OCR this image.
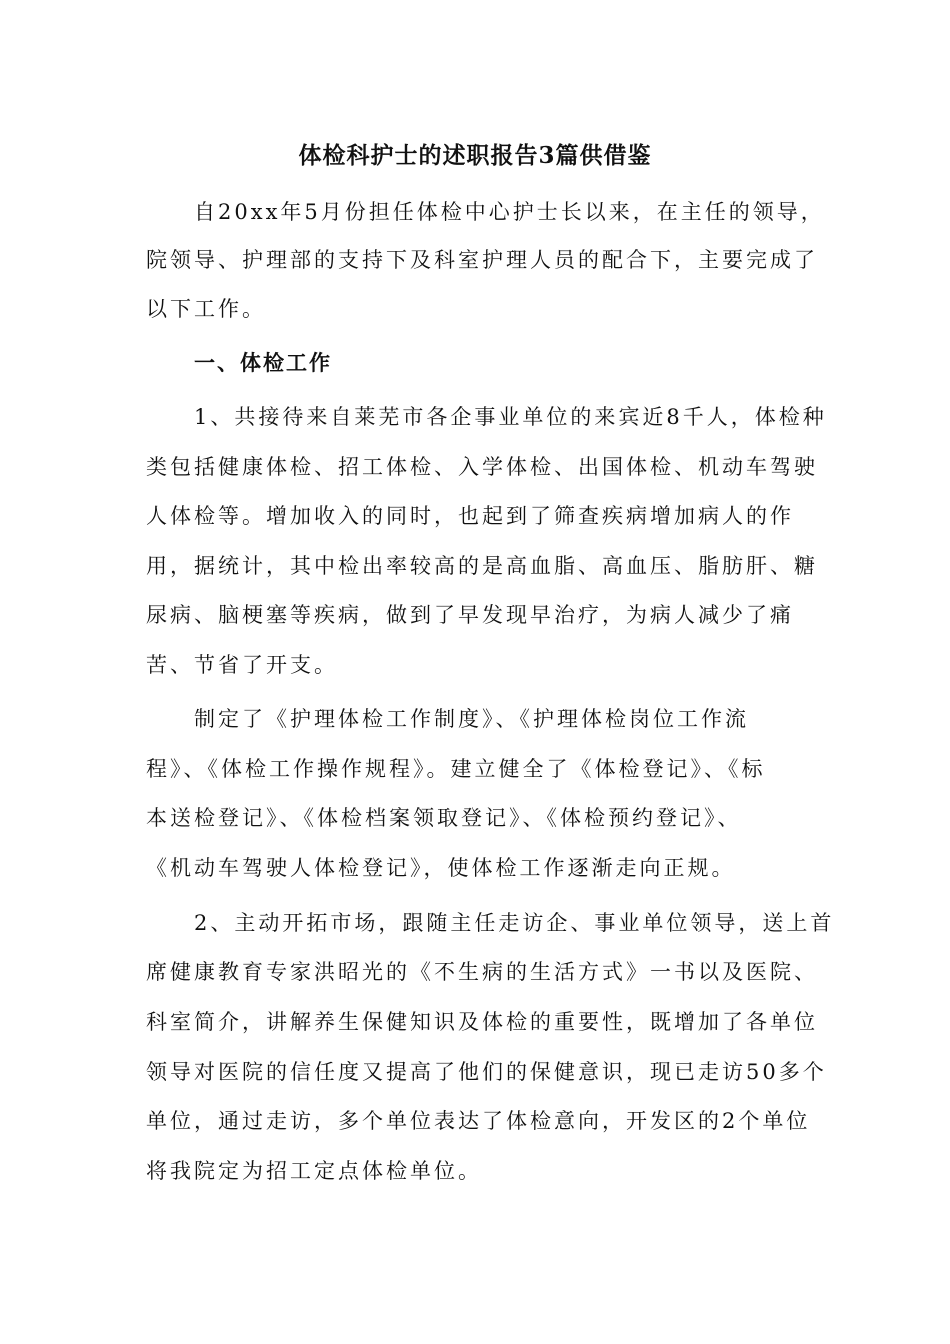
体检科护士的述职报告3篇供借鉴
自20xx年5月份担任体检中心护士长以来，在主任的领导，
院领导、护理部的支持下及科室护理人员的配合下，主要完成了
以下工作。
一、体检工作
1、共接待来自莱芜市各企事业单位的来宾近8千人，体检种
类包括健康体检、招工体检、入学体检、出国体检、机动车驾驶
人体检等。增加收入的同时，也起到了筛查疾病增加病人的作
用，据统计，其中检出率较高的是高血脂、高血压、脂肪肝、糖
尿病、脑梗塞等疾病，做到了早发现早治疗，为病人减少了痛
苦、节省了开支。
制定了《护理体检工作制度》、《护理体检岗位工作流
程》、《体检工作操作规程》。建立健全了《体检登记》、《标
本送检登记》、《体检档案领取登记》、《体检预约登记》、
《机动车驾驶人体检登记》，使体检工作逐渐走向正规。
2、主动开拓市场，跟随主任走访企、事业单位领导，送上首
席健康教育专家洪昭光的《不生病的生活方式》一书以及医院、
科室简介，讲解养生保健知识及体检的重要性，既增加了各单位
领导对医院的信任度又提高了他们的保健意识，现已走访50多个
单位，通过走访，多个单位表达了体检意向，开发区的2个单位
将我院定为招工定点体检单位。
